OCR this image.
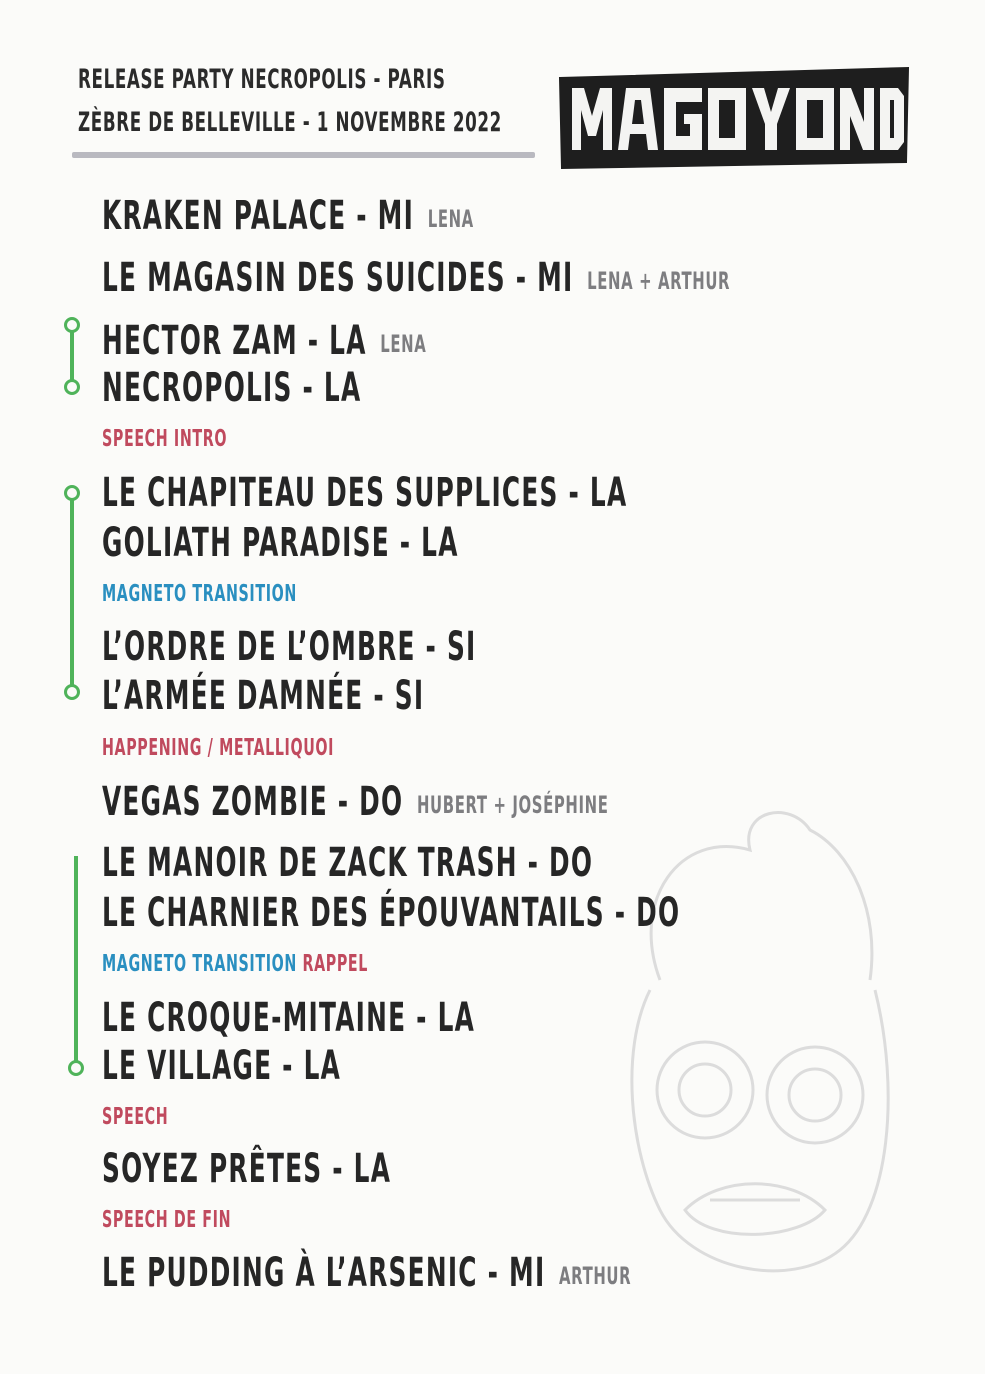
RELEASE PARTY NECROPOLIS - PARIS
ZÈBRE DE BELLEVILLE - 1 NOVEMBRE 2022
KRAKEN PALACE - MI LENA
LE MAGASIN DES SUICIDES - MI LENA + ARTHUR
HECTOR ZAM - LA LENA
NECROPOLIS - LA
SPEECH INTRO
LE CHAPITEAU DES SUPPLICES - LA
GOLIATH PARADISE - LA
MAGNETO TRANSITION
L’ORDRE DE L’OMBRE - SI
L’ARMÉE DAMNÉE - SI
HAPPENING / METALLIQUOI
VEGAS ZOMBIE - DO HUBERT + JOSÉPHINE
LE MANOIR DE ZACK TRASH - DO
LE CHARNIER DES ÉPOUVANTAILS - DO
MAGNETO TRANSITION RAPPEL
LE CROQUE-MITAINE - LA
LE VILLAGE - LA
SPEECH
SOYEZ PRÊTES - LA
SPEECH DE FIN
LE PUDDING À L’ARSENIC - MI ARTHUR
